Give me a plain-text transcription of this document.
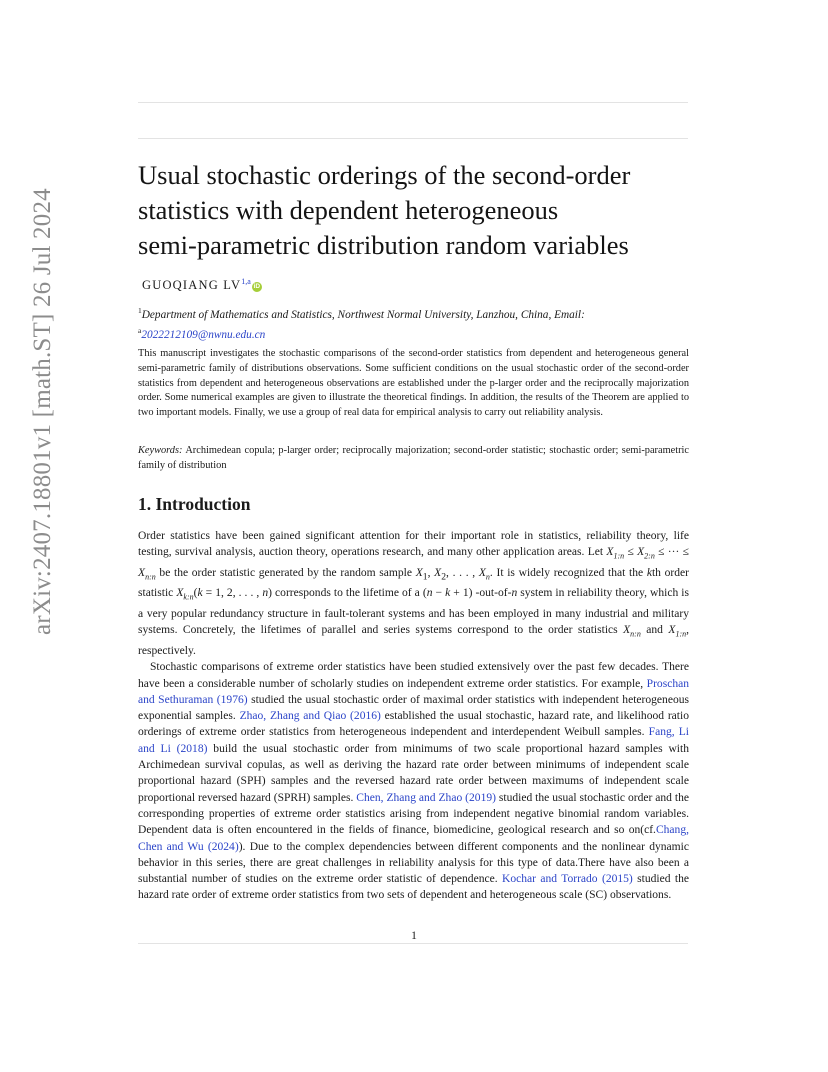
arXiv:2407.18801v1 [math.ST] 26 Jul 2024
Usual stochastic orderings of the second-order
statistics with dependent heterogeneous
semi-parametric distribution random variables
GUOQIANG LV$^{1,a}$iD
$^1$Department of Mathematics and Statistics, Northwest Normal University, Lanzhou, China, Email:
$^a$2022212109@nwnu.edu.cn

This manuscript investigates the stochastic comparisons of the second-order statistics from dependent and heterogeneous general semi-parametric family of distributions observations. Some sufficient conditions on the usual stochastic order of the second-order statistics from dependent and heterogeneous observations are established under the p-larger order and the reciprocally majorization order. Some numerical examples are given to illustrate the theoretical findings. In addition, the results of the Theorem are applied to two important models. Finally, we use a group of real data for empirical analysis to carry out reliability analysis.

Keywords: Archimedean copula; p-larger order; reciprocally majorization; second-order statistic; stochastic order; semi-parametric family of distribution

1. Introduction

Order statistics have been gained significant attention for their important role in statistics, reliability theory, life testing, survival analysis, auction theory, operations research, and many other application areas. Let $X_{1:n} \le X_{2:n}$ ≤ ··· ≤ $X_{n:n}$ be the order statistic generated by the random sample $X_1$, $X_2$, . . . , $X_n$. It is widely recognized that the kth order statistic $X_{k:n}(k = 1$, 2, . . . , n) corresponds to the lifetime of a (n − k + 1) -out-of-n system in reliability theory, which is a very popular redundancy structure in fault-tolerant systems and has been employed in many industrial and military systems. Concretely, the lifetimes of parallel and series systems correspond to the order statistics $X_{n:n}$ and $X_{1:n}$, respectively.

Stochastic comparisons of extreme order statistics have been studied extensively over the past few decades. There have been a considerable number of scholarly studies on independent extreme order statistics. For example, Proschan and Sethuraman (1976) studied the usual stochastic order of maximal order statistics with independent heterogeneous exponential samples. Zhao, Zhang and Qiao (2016) established the usual stochastic, hazard rate, and likelihood ratio orderings of extreme order statistics from heterogeneous independent and interdependent Weibull samples. Fang, Li and Li (2018) build the usual stochastic order from minimums of two scale proportional hazard samples with Archimedean survival copulas, as well as deriving the hazard rate order between minimums of independent scale proportional hazard (SPH) samples and the reversed hazard rate order between maximums of independent scale proportional reversed hazard (SPRH) samples. Chen, Zhang and Zhao (2019) studied the usual stochastic order and the corresponding properties of extreme order statistics arising from independent negative binomial random variables. Dependent data is often encountered in the fields of finance, biomedicine, geological research and so on(cf.Chang, Chen and Wu (2024)). Due to the complex dependencies between different components and the nonlinear dynamic behavior in this series, there are great challenges in reliability analysis for this type of data.There have also been a substantial number of studies on the extreme order statistic of dependence. Kochar and Torrado (2015) studied the hazard rate order of extreme order statistics from two sets of dependent and heterogeneous scale (SC) observations.

1
